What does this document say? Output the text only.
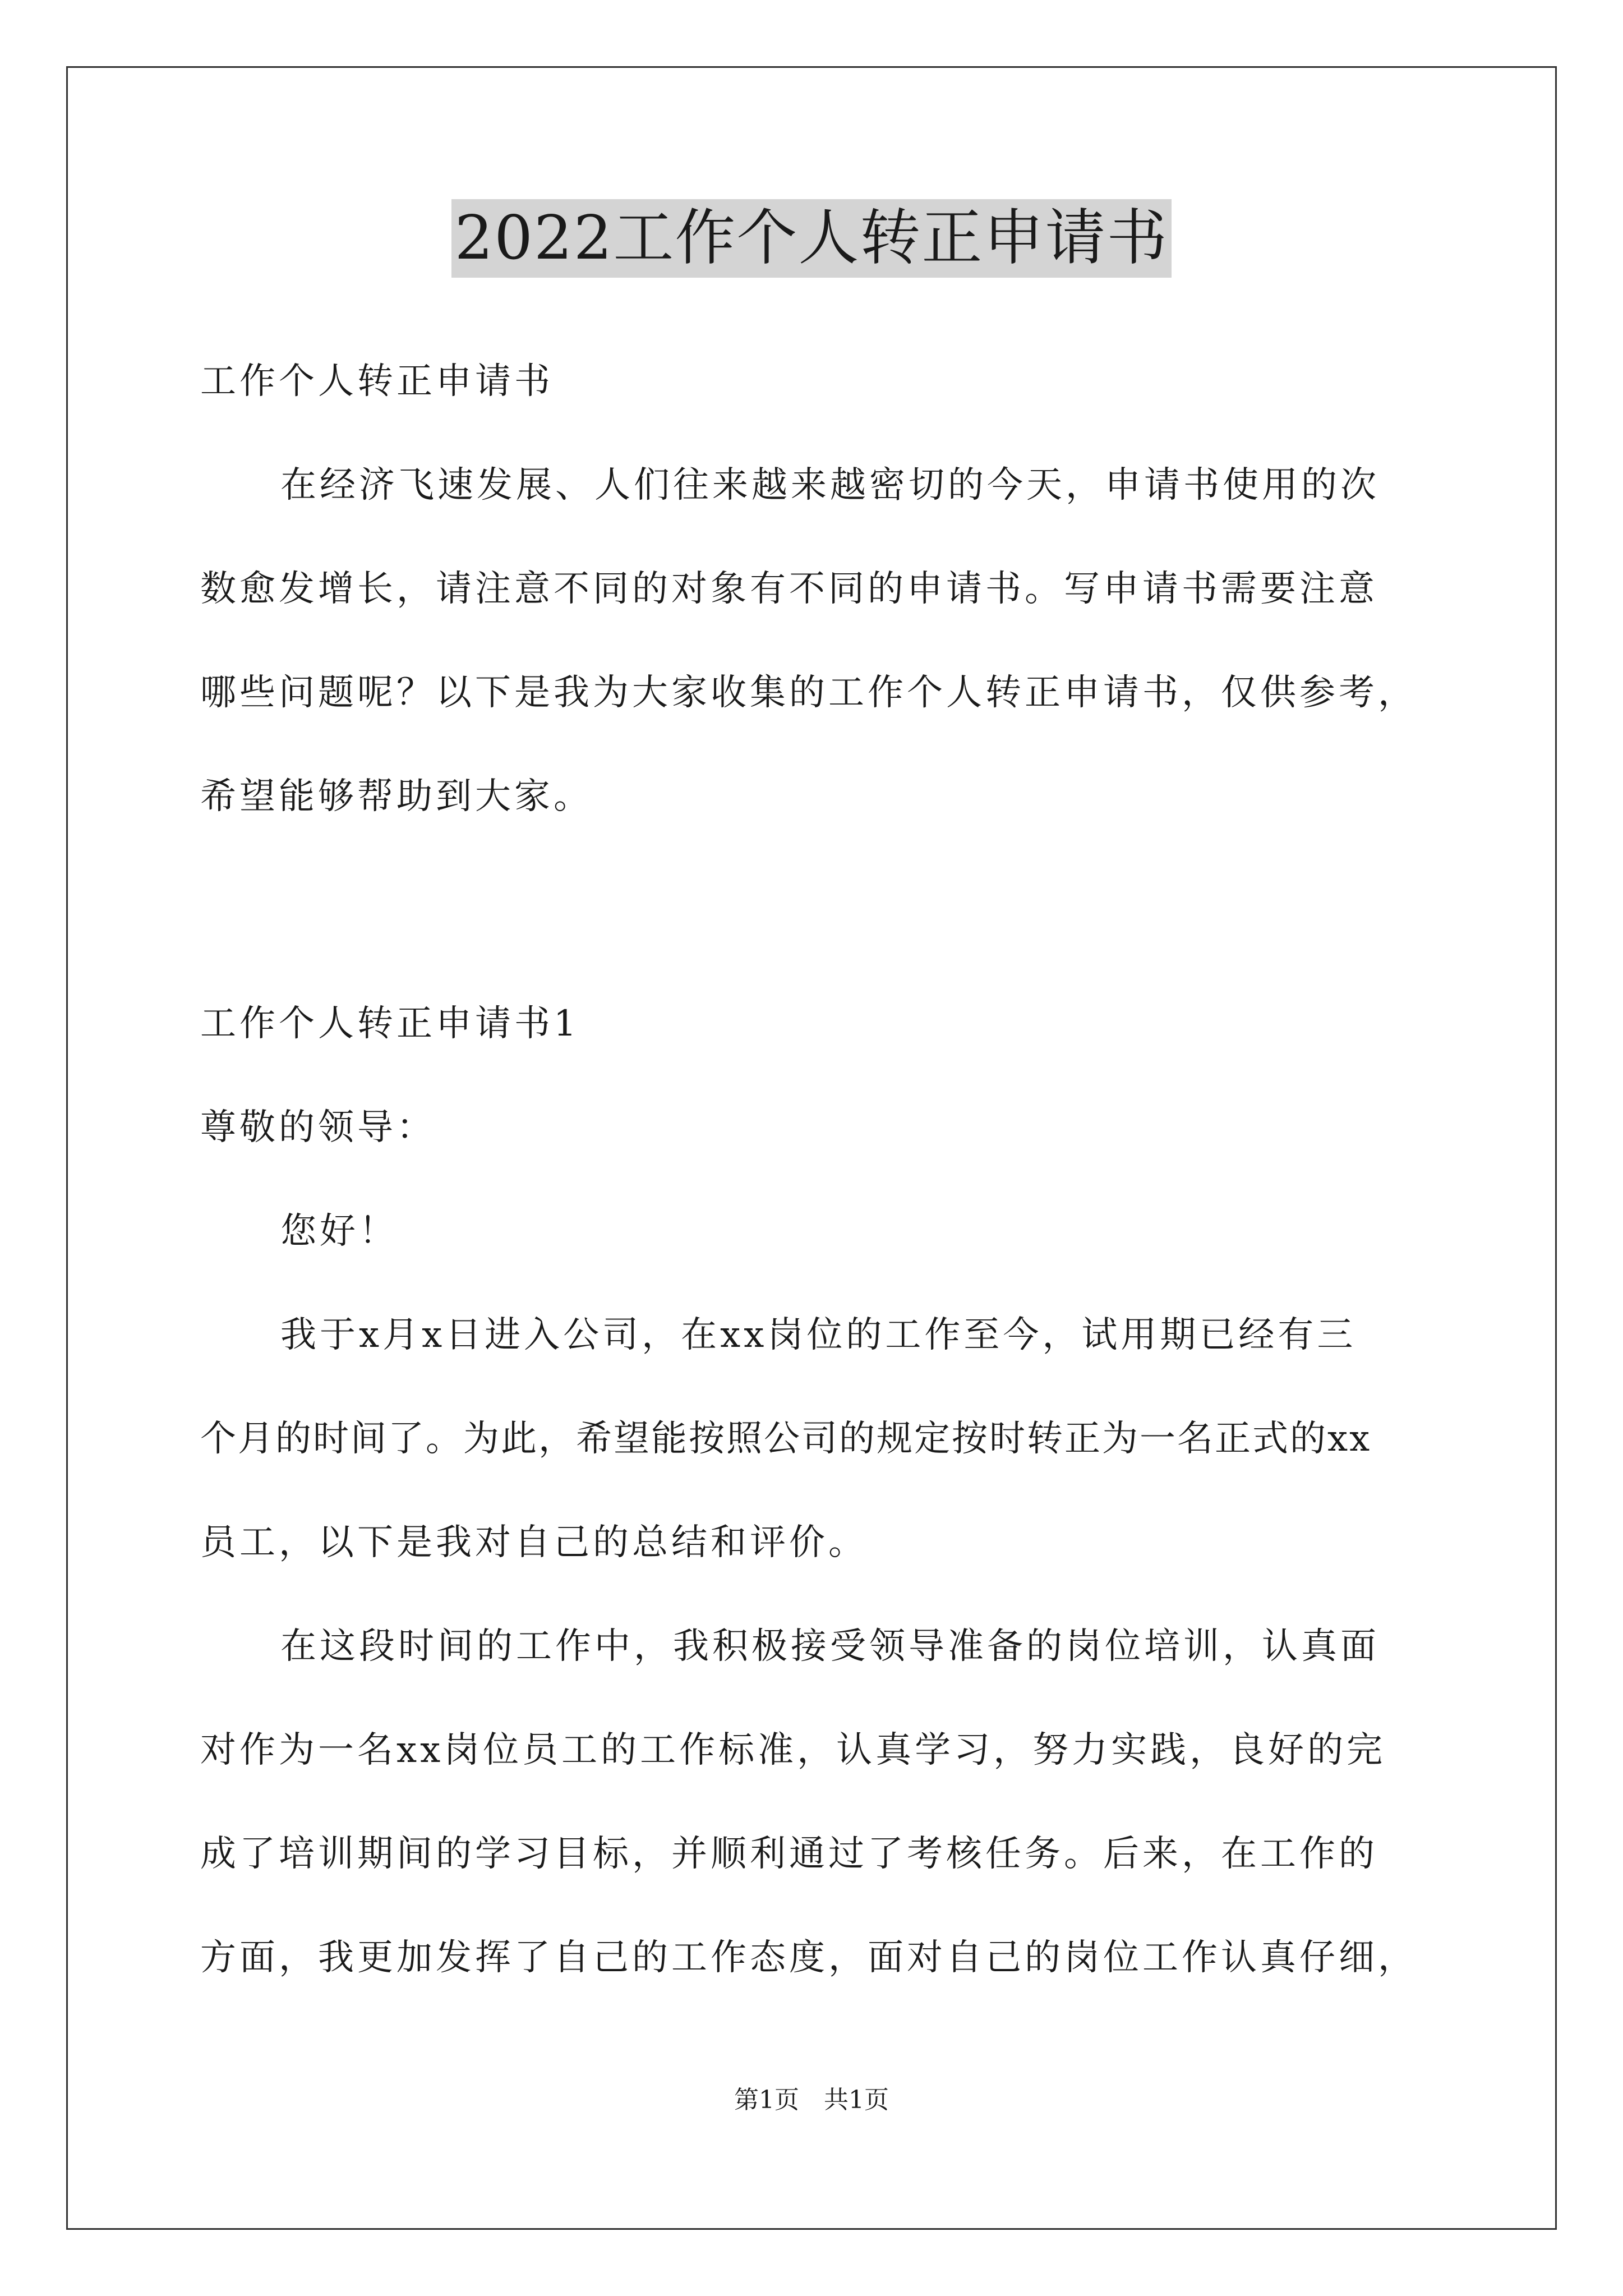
2022工作个人转正申请书
工作个人转正申请书
在经济飞速发展、人们往来越来越密切的今天，申请书使用的次
数愈发增长，请注意不同的对象有不同的申请书。写申请书需要注意
哪些问题呢？以下是我为大家收集的工作个人转正申请书，仅供参考，
希望能够帮助到大家。
工作个人转正申请书1
尊敬的领导：
您好！
我于x月x日进入公司，在xx岗位的工作至今，试用期已经有三
个月的时间了。为此，希望能按照公司的规定按时转正为一名正式的xx
员工，以下是我对自己的总结和评价。
在这段时间的工作中，我积极接受领导准备的岗位培训，认真面
对作为一名xx岗位员工的工作标准，认真学习，努力实践，良好的完
成了培训期间的学习目标，并顺利通过了考核任务。后来，在工作的
方面，我更加发挥了自己的工作态度，面对自己的岗位工作认真仔细，
第1页　共1页
